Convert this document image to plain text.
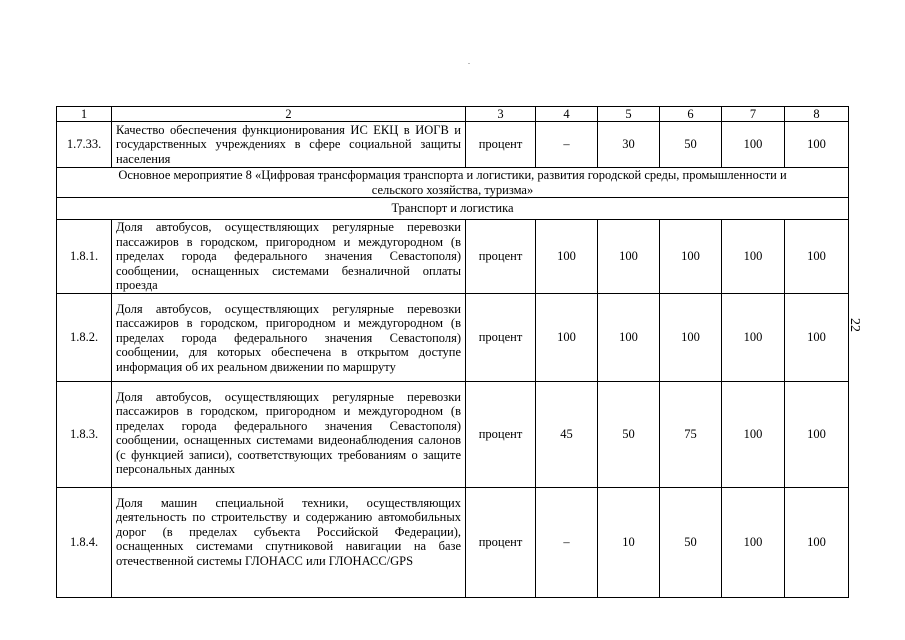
1	2	3	4	5	6	7	8
1.7.33.	Качество обеспечения функционирования ИС ЕКЦ в ИОГВ и государственных учреждениях в сфере социальной защиты населения	процент	–	30	50	100	100

Основное мероприятие 8 «Цифровая трансформация транспорта и логистики, развития городской среды, промышленности и сельского хозяйства, туризма»							

Транспорт и логистика							
1.8.1.	Доля автобусов, осуществляющих регулярные перевозки пассажиров в городском, пригородном и междугородном (в пределах города федерального значения Севастополя) сообщении, оснащенных системами безналичной оплаты проезда	процент	100	100	100	100	100
1.8.2.	Доля автобусов, осуществляющих регулярные перевозки пассажиров в городском, пригородном и междугородном (в пределах города федерального значения Севастополя) сообщении, для которых обеспечена в открытом доступе информация об их реальном движении по маршруту	процент	100	100	100	100	100
1.8.3.	Доля автобусов, осуществляющих регулярные перевозки пассажиров в городском, пригородном и междугородном (в пределах города федерального значения Севастополя) сообщении, оснащенных системами видеонаблюдения салонов (с функцией записи), соответствующих требованиям о защите персональных данных	процент	45	50	75	100	100
1.8.4.	Доля машин специальной техники, осуществляющих деятельность по строительству и содержанию автомобильных дорог (в пределах субъекта Российской Федерации), оснащенных системами спутниковой навигации на базе отечественной системы ГЛОНАСС или ГЛОНАСС/GPS	процент	–	10	50	100	100
22
